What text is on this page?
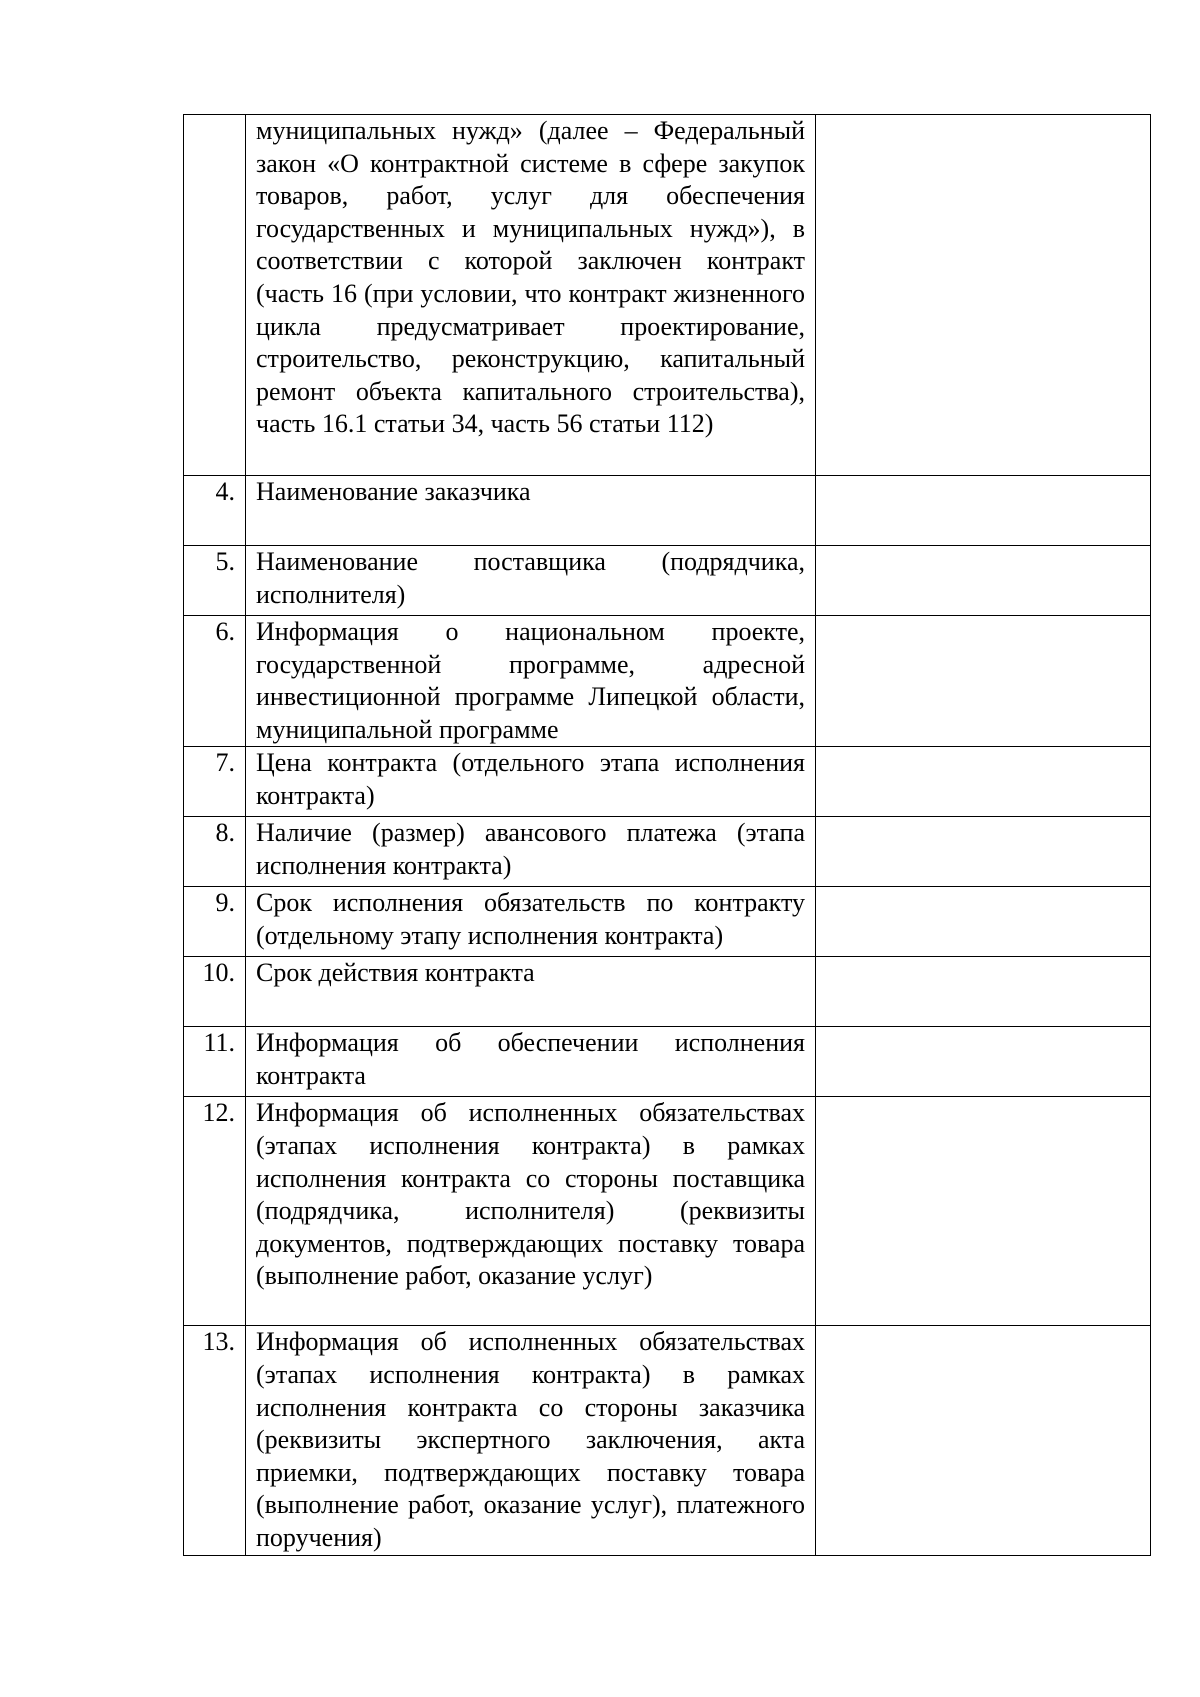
	муниципальных нужд» (далее – Федеральный закон «О контрактной системе в сфере закупок товаров, работ, услуг для обеспечения государственных и муниципальных нужд»), в соответствии с которой заключен контракт (часть 16 (при условии, что контракт жизненного цикла предусматривает проектирование, строительство, реконструкцию, капитальный ремонт объекта капитального строительства), часть 16.1 статьи 34, часть 56 статьи 112)	
4.	Наименование заказчика	
5.	Наименование поставщика (подрядчика, исполнителя)	
6.	Информация о национальном проекте, государственной программе, адресной инвестиционной программе Липецкой области, муниципальной программе	
7.	Цена контракта (отдельного этапа исполнения контракта)	
8.	Наличие (размер) авансового платежа (этапа исполнения контракта)	
9.	Срок исполнения обязательств по контракту (отдельному этапу исполнения контракта)	
10.	Срок действия контракта	
11.	Информация об обеспечении исполнения контракта	
12.	Информация об исполненных обязательствах (этапах исполнения контракта) в рамках исполнения контракта со стороны поставщика (подрядчика, исполнителя) (реквизиты документов, подтверждающих поставку товара (выполнение работ, оказание услуг)	
13.	Информация об исполненных обязательствах (этапах исполнения контракта) в рамках исполнения контракта со стороны заказчика (реквизиты экспертного заключения, акта приемки, подтверждающих поставку товара (выполнение работ, оказание услуг), платежного поручения)	
